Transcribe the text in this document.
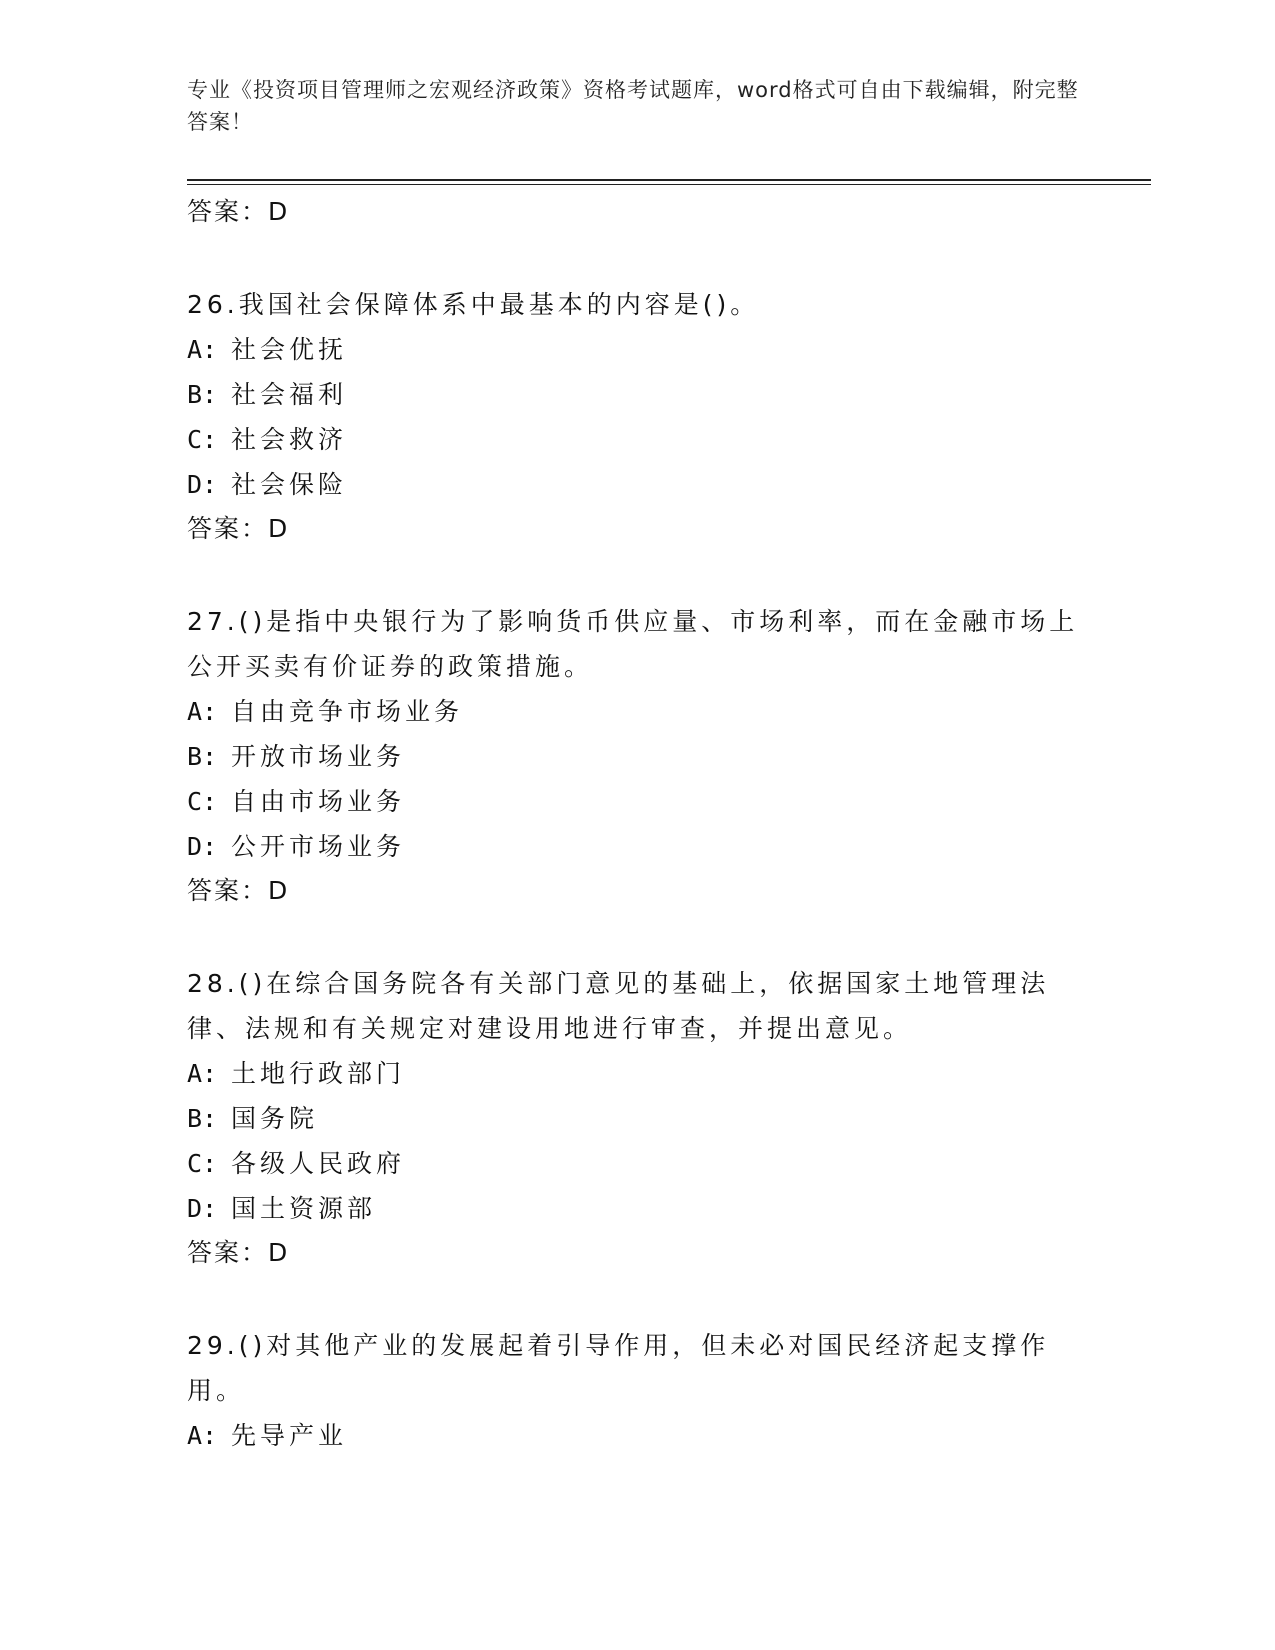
专业《投资项目管理师之宏观经济政策》资格考试题库，word格式可自由下载编辑，附完整答案！
答案：D
26.我国社会保障体系中最基本的内容是()。
A: 社会优抚
B: 社会福利
C: 社会救济
D: 社会保险
答案：D
27.()是指中央银行为了影响货币供应量、市场利率，而在金融市场上公开买卖有价证券的政策措施。
A: 自由竞争市场业务
B: 开放市场业务
C: 自由市场业务
D: 公开市场业务
答案：D
28.()在综合国务院各有关部门意见的基础上，依据国家土地管理法律、法规和有关规定对建设用地进行审查，并提出意见。
A: 土地行政部门
B: 国务院
C: 各级人民政府
D: 国土资源部
答案：D
29.()对其他产业的发展起着引导作用，但未必对国民经济起支撑作用。
A: 先导产业
